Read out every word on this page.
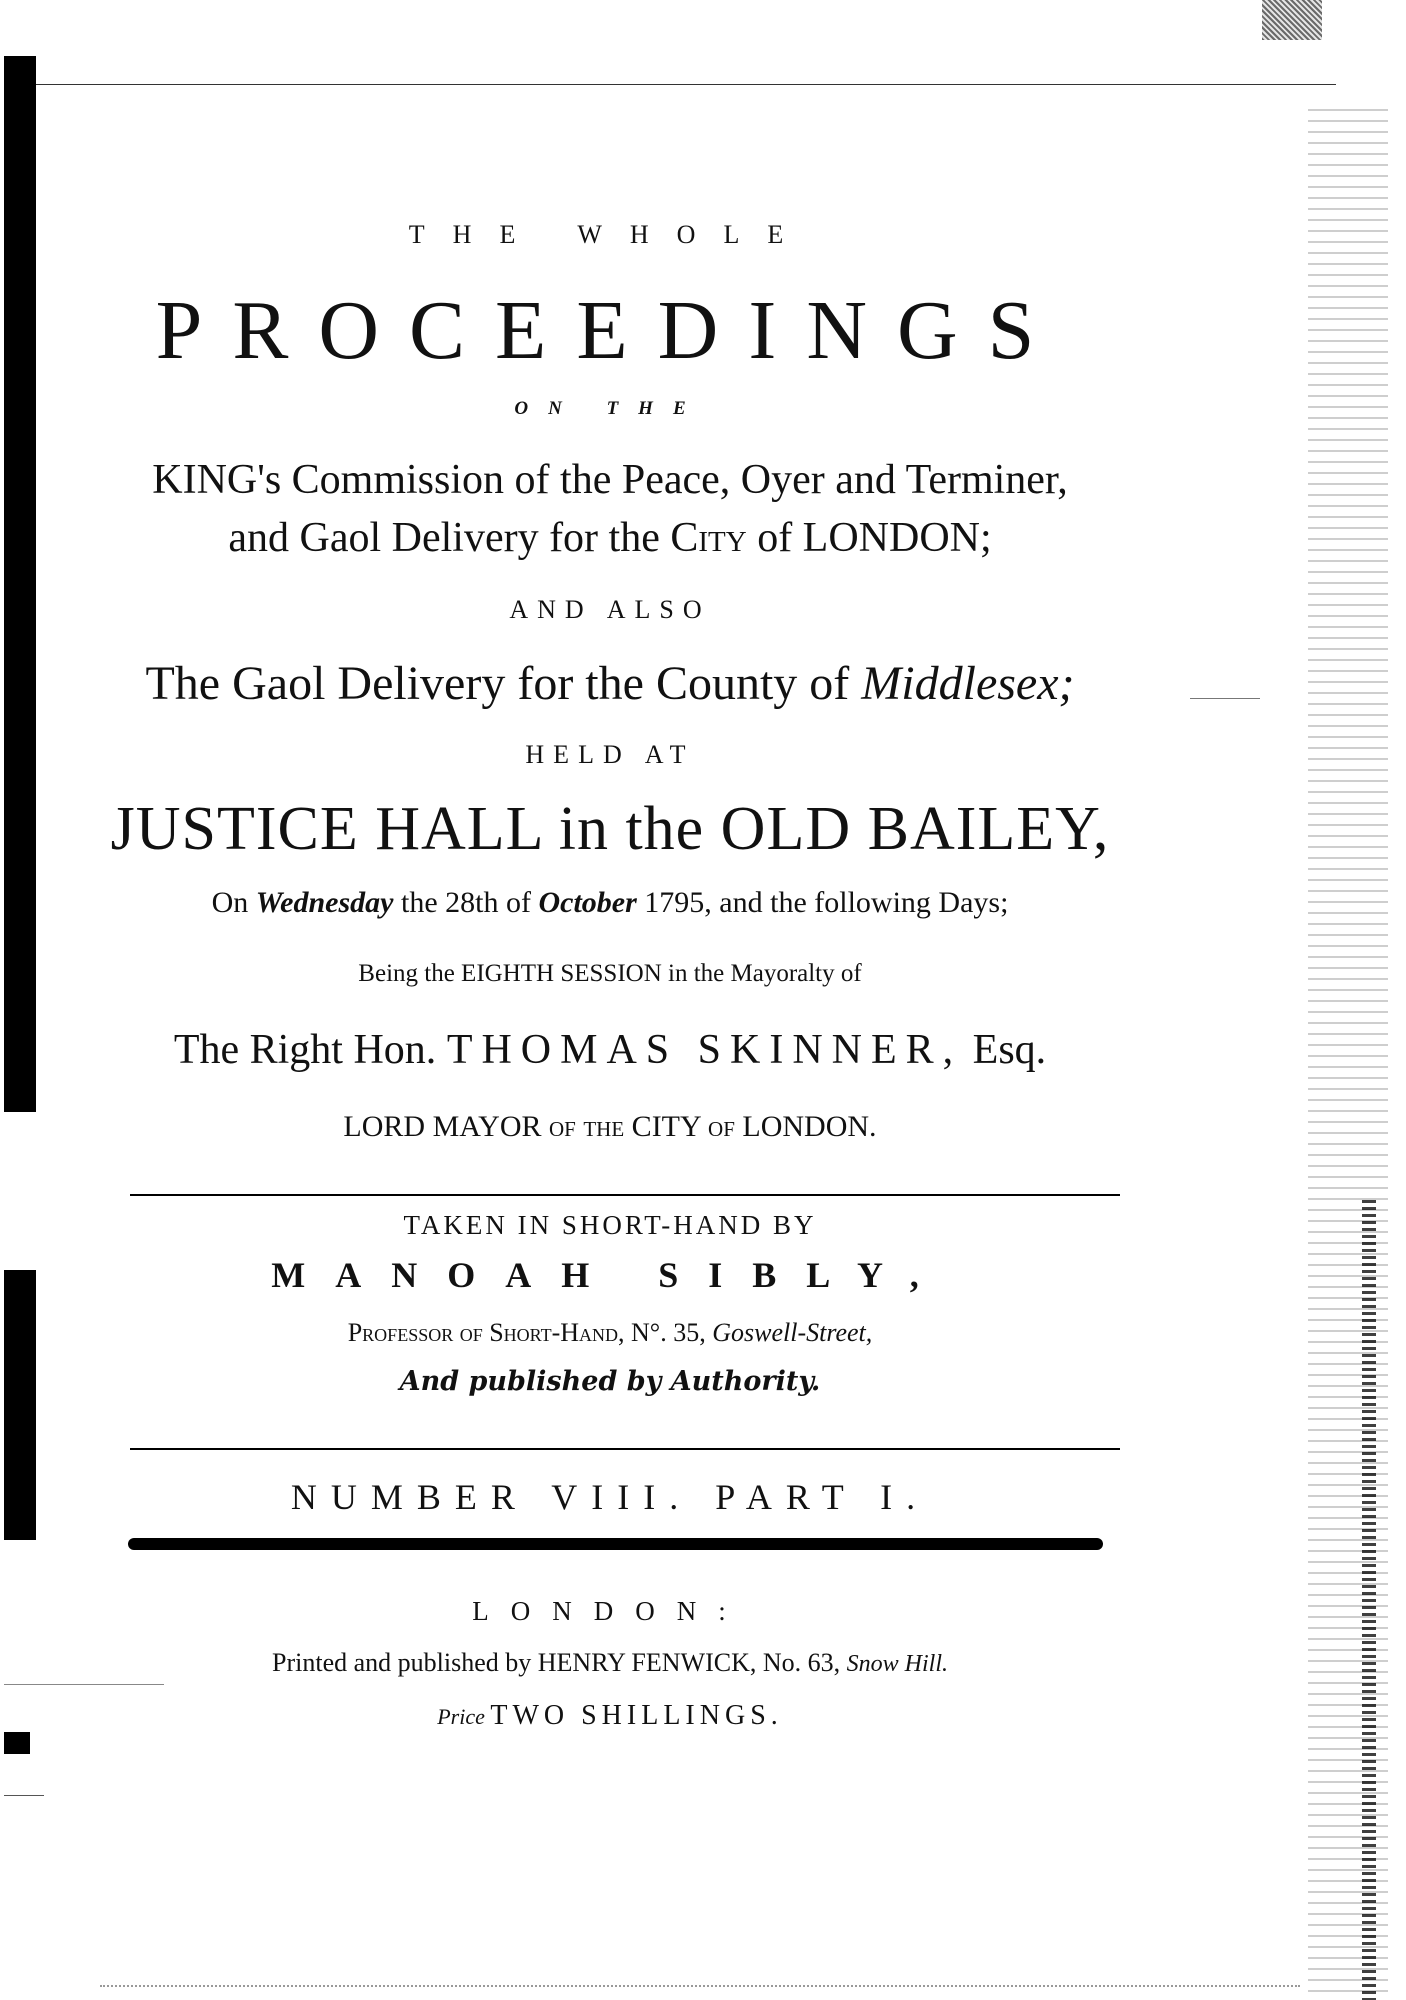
THE WHOLE
PROCEEDINGS
ON THE
KING's Commission of the Peace, Oyer and Terminer,
and Gaol Delivery for the City of LONDON;
AND ALSO
The Gaol Delivery for the County of Middlesex;
HELD AT
JUSTICE HALL in the OLD BAILEY,
On Wednesday the 28th of October 1795, and the following Days;
Being the EIGHTH SESSION in the Mayoralty of
The Right Hon. THOMAS SKINNER, Esq.
LORD MAYOR of the CITY of LONDON.
TAKEN IN SHORT-HAND BY
MANOAH SIBLY,
Professor of Short-Hand, N°. 35, Goswell-Street,
And published by Authority.
NUMBER VIII. PART I.
LONDON:
Printed and published by HENRY FENWICK, No. 63, Snow Hill.
Price TWO SHILLINGS.
